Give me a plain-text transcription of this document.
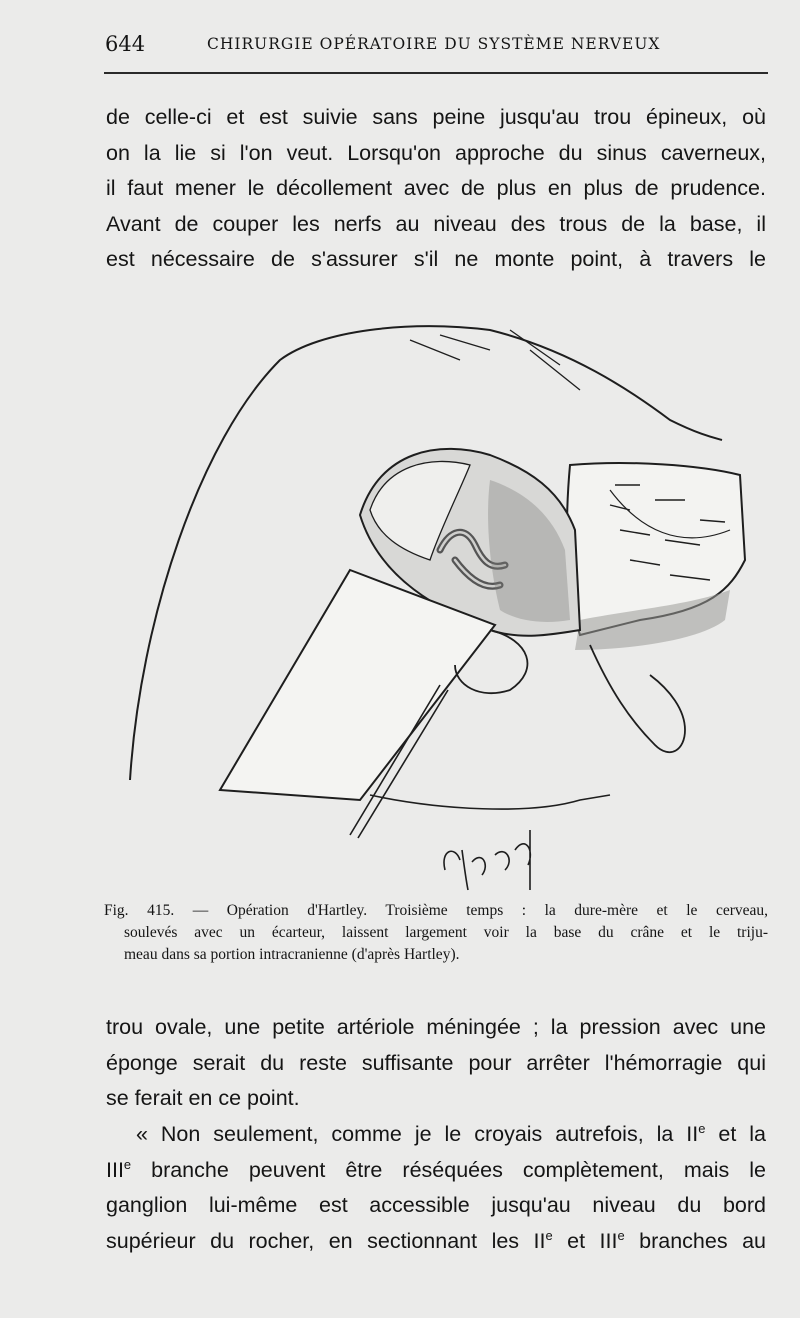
644	CHIRURGIE OPÉRATOIRE DU SYSTÈME NERVEUX

de celle-ci et est suivie sans peine jusqu'au trou épineux, où
on la lie si l'on veut. Lorsqu'on approche du sinus caverneux,
il faut mener le décollement avec de plus en plus de prudence.
Avant de couper les nerfs au niveau des trous de la base, il
est nécessaire de s'assurer s'il ne monte point, à travers le

Fig. 415. — Opération d'Hartley. Troisième temps : la dure-mère et le cerveau,
soulevés avec un écarteur, laissent largement voir la base du crâne et le triju-
meau dans sa portion intracranienne (d'après Hartley).

trou ovale, une petite artériole méningée ; la pression avec une
éponge serait du reste suffisante pour arrêter l'hémorragie qui
se ferait en ce point.

« Non seulement, comme je le croyais autrefois, la IIe et la
IIIe branche peuvent être réséquées complètement, mais le
ganglion lui-même est accessible jusqu'au niveau du bord
supérieur du rocher, en sectionnant les IIe et IIIe branches au
